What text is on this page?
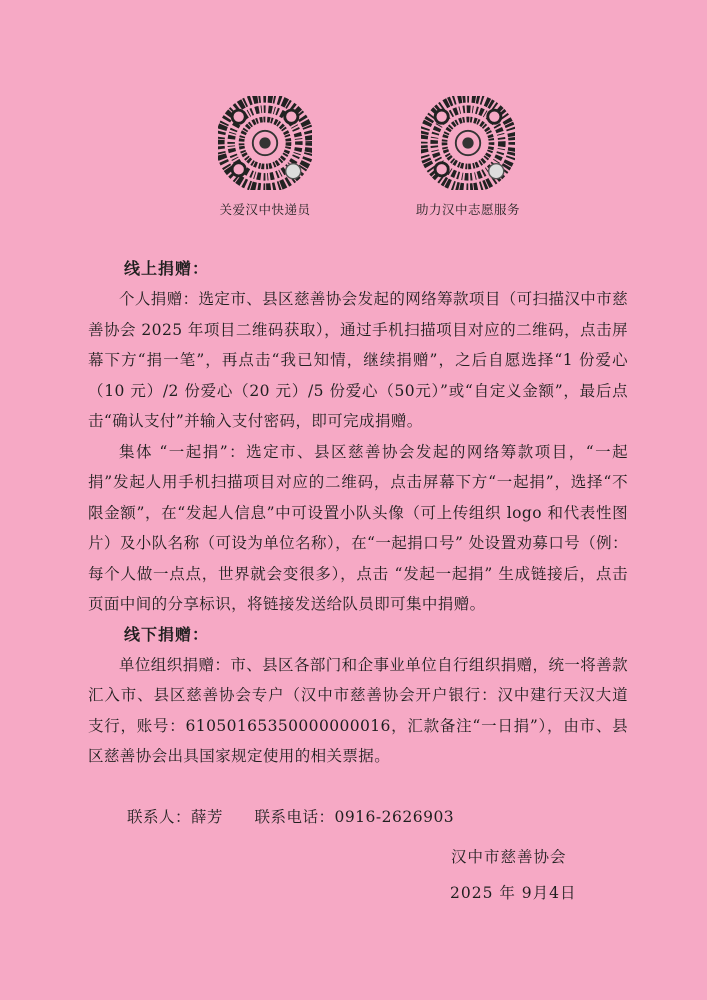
关爱汉中快递员	助力汉中志愿服务
线上捐赠：

个人捐赠：选定市、县区慈善协会发起的网络筹款项目（可扫描汉中市慈善协会 2025 年项目二维码获取），通过手机扫描项目对应的二维码，点击屏幕下方“捐一笔”，再点击“我已知情，继续捐赠”，之后自愿选择“1 份爱心（10 元）/2 份爱心（20 元）/5 份爱心（50元）”或“自定义金额”，最后点击“确认支付”并输入支付密码，即可完成捐赠。

集体 “一起捐”：选定市、县区慈善协会发起的网络筹款项目，“一起捐”发起人用手机扫描项目对应的二维码，点击屏幕下方“一起捐”，选择“不限金额”，在“发起人信息”中可设置小队头像（可上传组织 logo 和代表性图片）及小队名称（可设为单位名称），在“一起捐口号” 处设置劝募口号（例：每个人做一点点，世界就会变很多），点击 “发起一起捐” 生成链接后，点击页面中间的分享标识，将链接发送给队员即可集中捐赠。

线下捐赠：

单位组织捐赠：市、县区各部门和企事业单位自行组织捐赠，统一将善款汇入市、县区慈善协会专户（汉中市慈善协会开户银行：汉中建行天汉大道支行，账号：61050165350000000016，汇款备注“一日捐”），由市、县区慈善协会出具国家规定使用的相关票据。

联系人：薛芳 联系电话：0916-2626903
汉中市慈善协会
2025 年 9月4日
